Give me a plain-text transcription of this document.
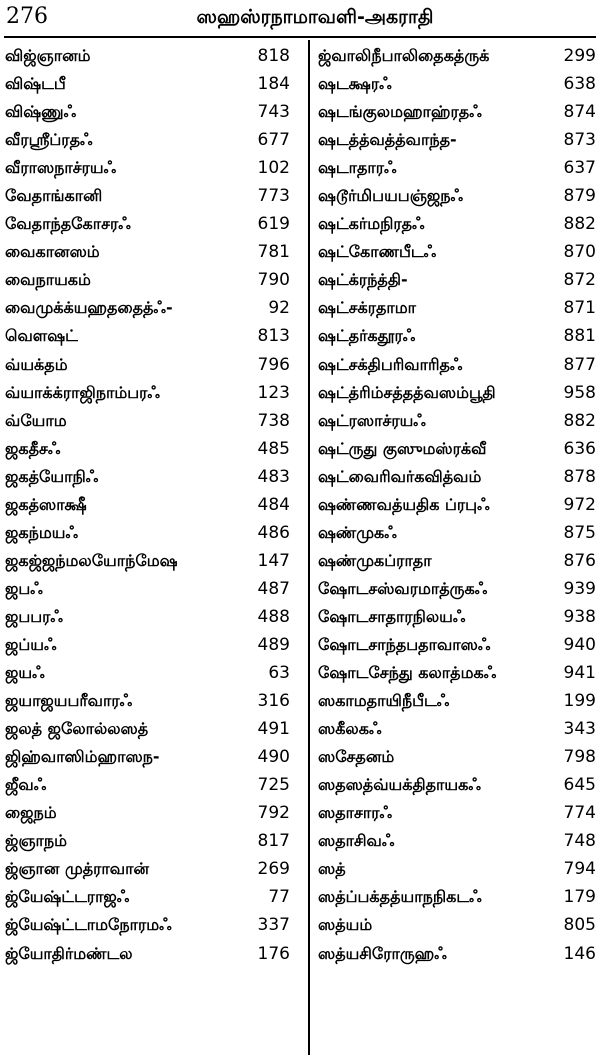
276	ஸஹஸ்ரநாமாவளி-அகராதி
விஜ்ஞானம்	818
விஷ்டபீ	184
விஷ்ணுஃ	743
வீரஸ்ரீப்ரதஃ	677
வீராஸநாச்ரயஃ	102
வேதாங்கானி	773
வேதாந்தகோசரஃ	619
வைகானஸம்	781
வைநாயகம்	790
வைமுக்க்யஹததைத்ஃ-	92
வெளஷட்	813
வ்யக்தம்	796
வ்யாக்க்ராஜிநாம்பரஃ	123
வ்யோம	738
ஜகதீசஃ	485
ஜகத்யோநிஃ	483
ஜகத்ஸாக்ஷீ	484
ஜகந்மயஃ	486
ஜகஜ்ஜந்மலயோந்மேஷ	147
ஜபஃ	487
ஜபபரஃ	488
ஜப்யஃ	489
ஜயஃ	63
ஜயாஜயபரீவாரஃ	316
ஜலத் ஜலோல்லஸத்	491
ஜிஹ்வாஸிம்ஹாஸந-	490
ஜீவஃ	725
ஜைநம்	792
ஜ்ஞாநம்	817
ஜ்ஞான முத்ராவான்	269
ஜ்யேஷ்ட்டராஜஃ	77
ஜ்யேஷ்ட்டாமநோரமஃ	337
ஜ்யோதிர்மண்டல	176
ஜ்வாலிநீபாலிதைகத்ருக்	299
ஷடக்ஷரஃ	638
ஷடங்குலமஹாஹ்ரதஃ	874
ஷடத்த்வத்த்வாந்த-	873
ஷடாதாரஃ	637
ஷடூர்மிபயபஞ்ஜநஃ	879
ஷட்கர்மநிரதஃ	882
ஷட்கோணபீடஃ	870
ஷட்க்ரந்த்தி-	872
ஷட்சக்ரதாமா	871
ஷட்தர்கதூரஃ	881
ஷட்சக்திபரிவாரிதஃ	877
ஷட்த்ரிம்சத்தத்வஸம்பூதி	958
ஷட்ரஸாச்ரயஃ	882
ஷட்ருது குஸுமஸ்ரக்வீ	636
ஷட்வைரிவர்கவித்வம்	878
ஷண்ணவத்யதிக ப்ரபுஃ	972
ஷண்முகஃ	875
ஷண்முகப்ராதா	876
ஷோடசஸ்வரமாத்ருகஃ	939
ஷோடசாதாரநிலயஃ	938
ஷோடசாந்தபதாவாஸஃ	940
ஷோடசேந்து கலாத்மகஃ	941
ஸகாமதாயிநீபீடஃ	199
ஸகீலகஃ	343
ஸசேதனம்	798
ஸதஸத்வ்யக்திதாயகஃ	645
ஸதாசாரஃ	774
ஸதாசிவஃ	748
ஸத்	794
ஸத்ப்பக்தத்யாநநிகடஃ	179
ஸத்யம்	805
ஸத்யசிரோருஹஃ	146
